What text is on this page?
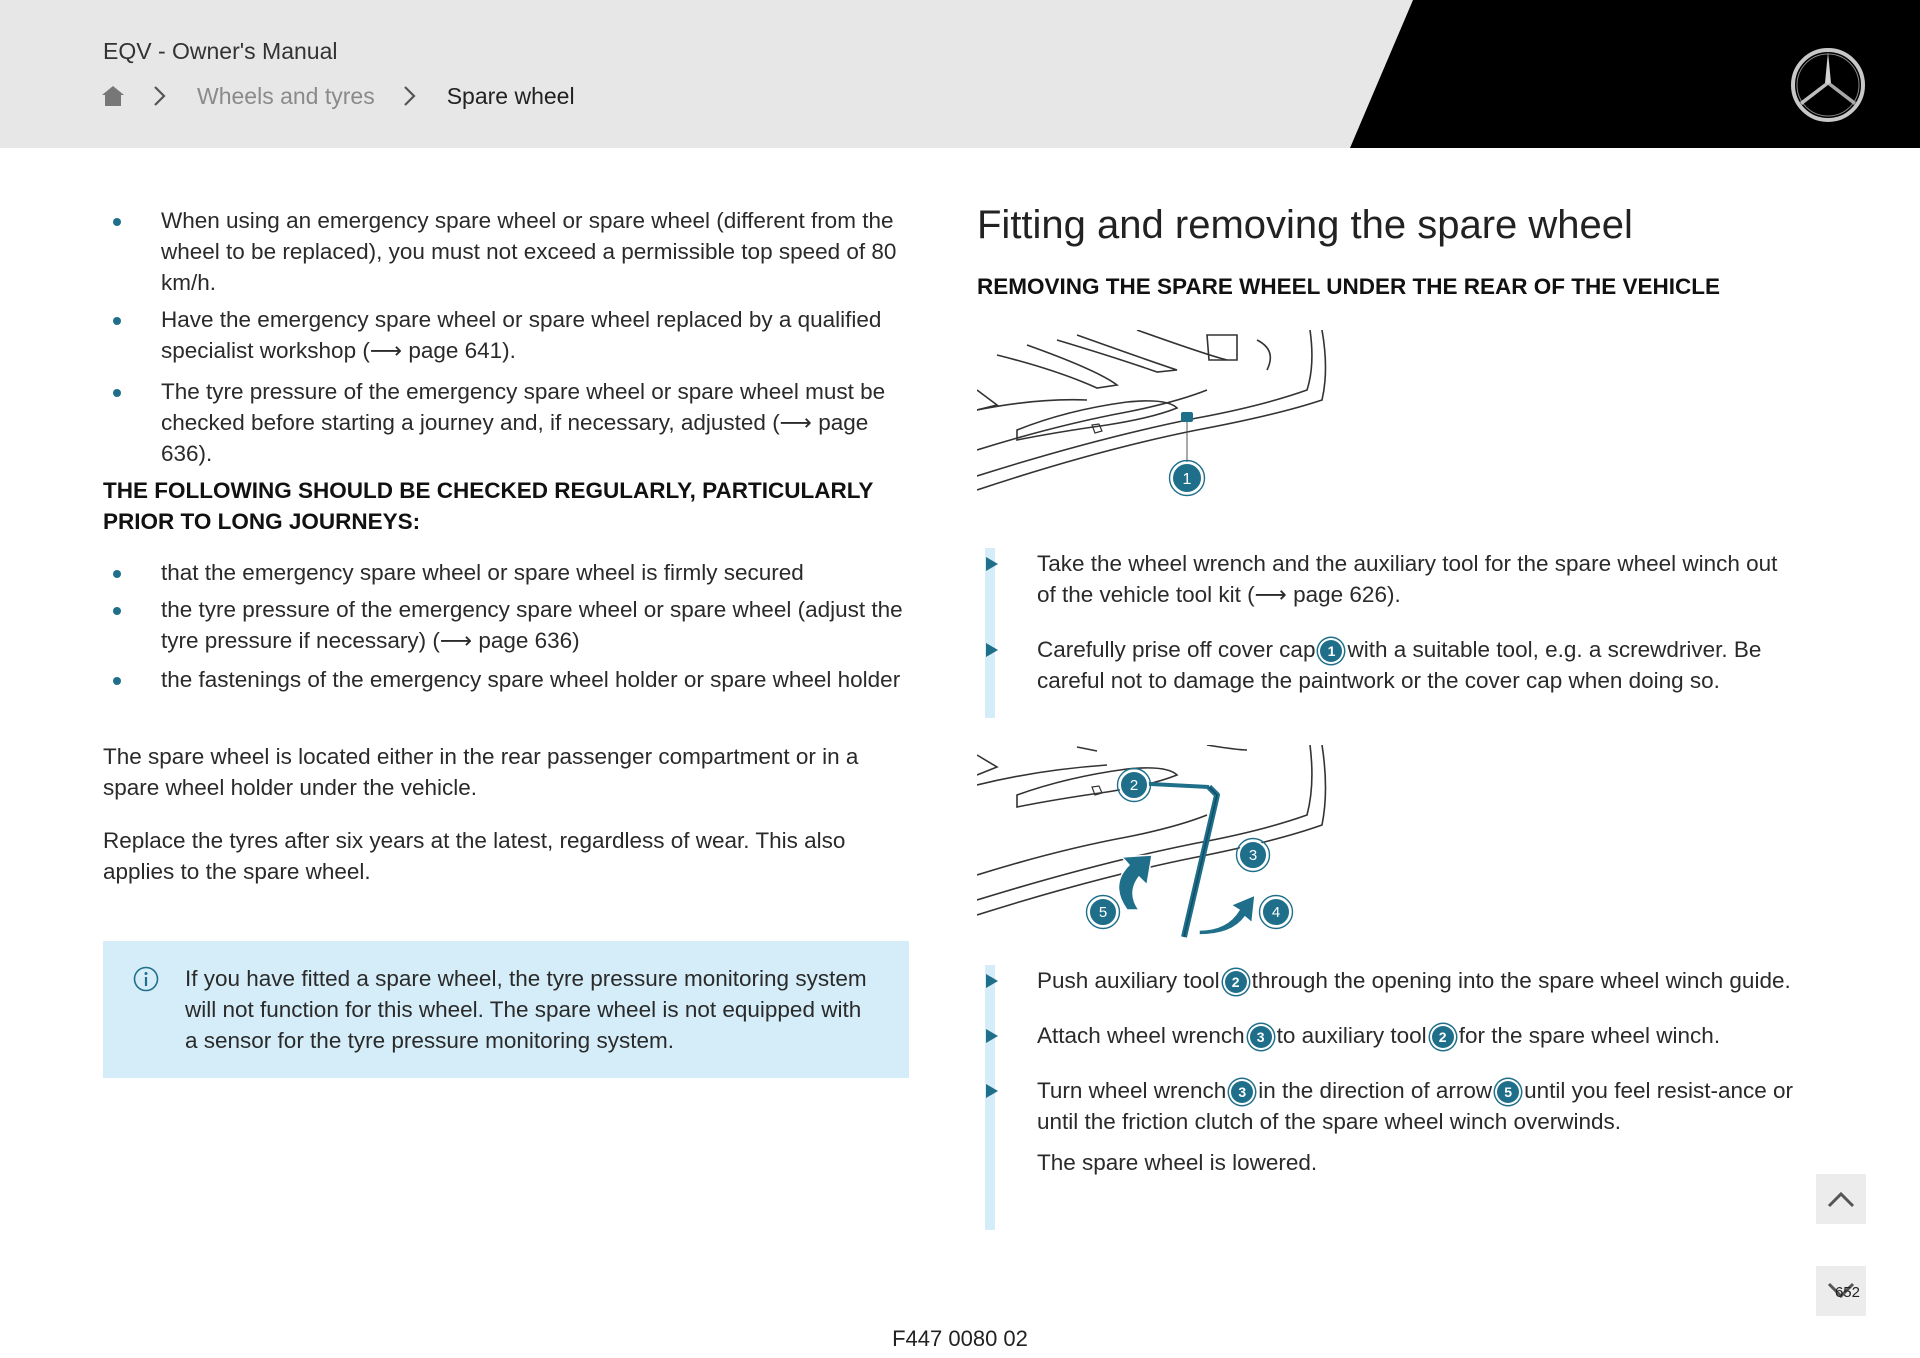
EQV - Owner's Manual
Wheels and tyres	Spare wheel
When using an emergency spare wheel or spare wheel (different from the wheel to be replaced), you must not exceed a permissible top speed of 80 km/h.
Have the emergency spare wheel or spare wheel replaced by a qualified specialist workshop (⟶ page 641).
The tyre pressure of the emergency spare wheel or spare wheel must be checked before starting a journey and, if necessary, adjusted (⟶ page 636).
THE FOLLOWING SHOULD BE CHECKED REGULARLY, PARTICULARLY PRIOR TO LONG JOURNEYS:
that the emergency spare wheel or spare wheel is firmly secured
the tyre pressure of the emergency spare wheel or spare wheel (adjust the tyre pressure if necessary) (⟶ page 636)
the fastenings of the emergency spare wheel holder or spare wheel holder

The spare wheel is located either in the rear passenger compartment or in a spare wheel holder under the vehicle.

Replace the tyres after six years at the latest, regardless of wear. This also applies to the spare wheel.

If you have fitted a spare wheel, the tyre pressure monitoring system will not function for this wheel. The spare wheel is not equipped with a sensor for the tyre pressure monitoring system.
Fitting and removing the spare wheel
REMOVING THE SPARE WHEEL UNDER THE REAR OF THE VEHICLE
1
Take the wheel wrench and the auxiliary tool for the spare wheel winch out of the vehicle tool kit (⟶ page 626).
Carefully prise off cover cap 1 with a suitable tool, e.g. a screwdriver. Be careful not to damage the paintwork or the cover cap when doing so.
2
3
4
5
Push auxiliary tool 2 through the opening into the spare wheel winch guide.
Attach wheel wrench 3 to auxiliary tool 2 for the spare wheel winch.
Turn wheel wrench 3 in the direction of arrow 5 until you feel resist-ance or until the friction clutch of the spare wheel winch overwinds.
The spare wheel is lowered.
652
F447 0080 02
